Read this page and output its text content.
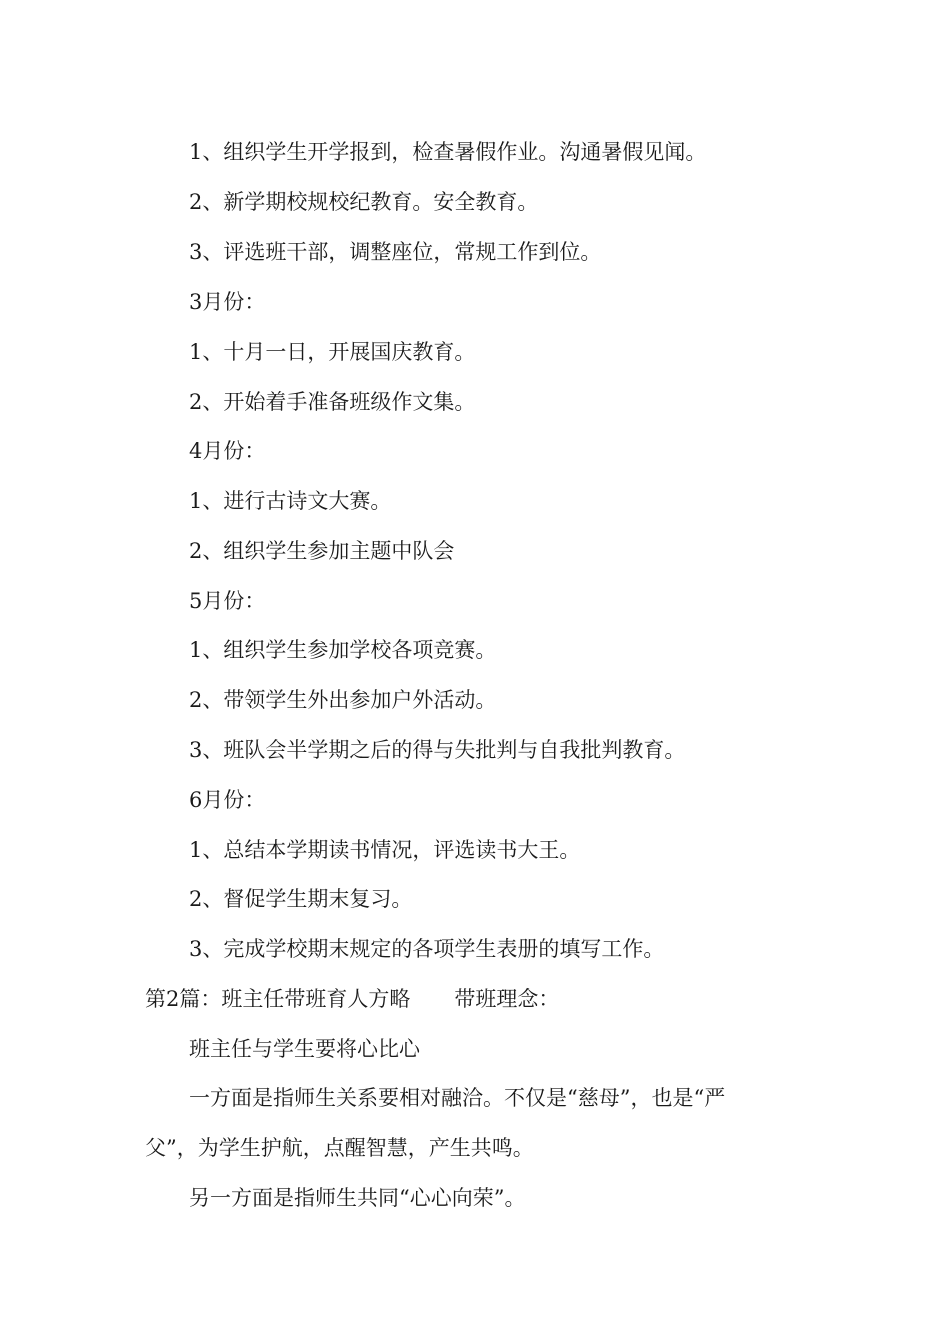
1、组织学生开学报到，检查暑假作业。沟通暑假见闻。
2、新学期校规校纪教育。安全教育。
3、评选班干部，调整座位，常规工作到位。
3月份：
1、十月一日，开展国庆教育。
2、开始着手准备班级作文集。
4月份：
1、进行古诗文大赛。
2、组织学生参加主题中队会
5月份：
1、组织学生参加学校各项竞赛。
2、带领学生外出参加户外活动。
3、班队会半学期之后的得与失批判与自我批判教育。
6月份：
1、总结本学期读书情况，评选读书大王。
2、督促学生期末复习。
3、完成学校期末规定的各项学生表册的填写工作。
第2篇：班主任带班育人方略 带班理念：
班主任与学生要将心比心
一方面是指师生关系要相对融洽。不仅是“慈母”，也是“严
父”，为学生护航，点醒智慧，产生共鸣。
另一方面是指师生共同“心心向荣”。
